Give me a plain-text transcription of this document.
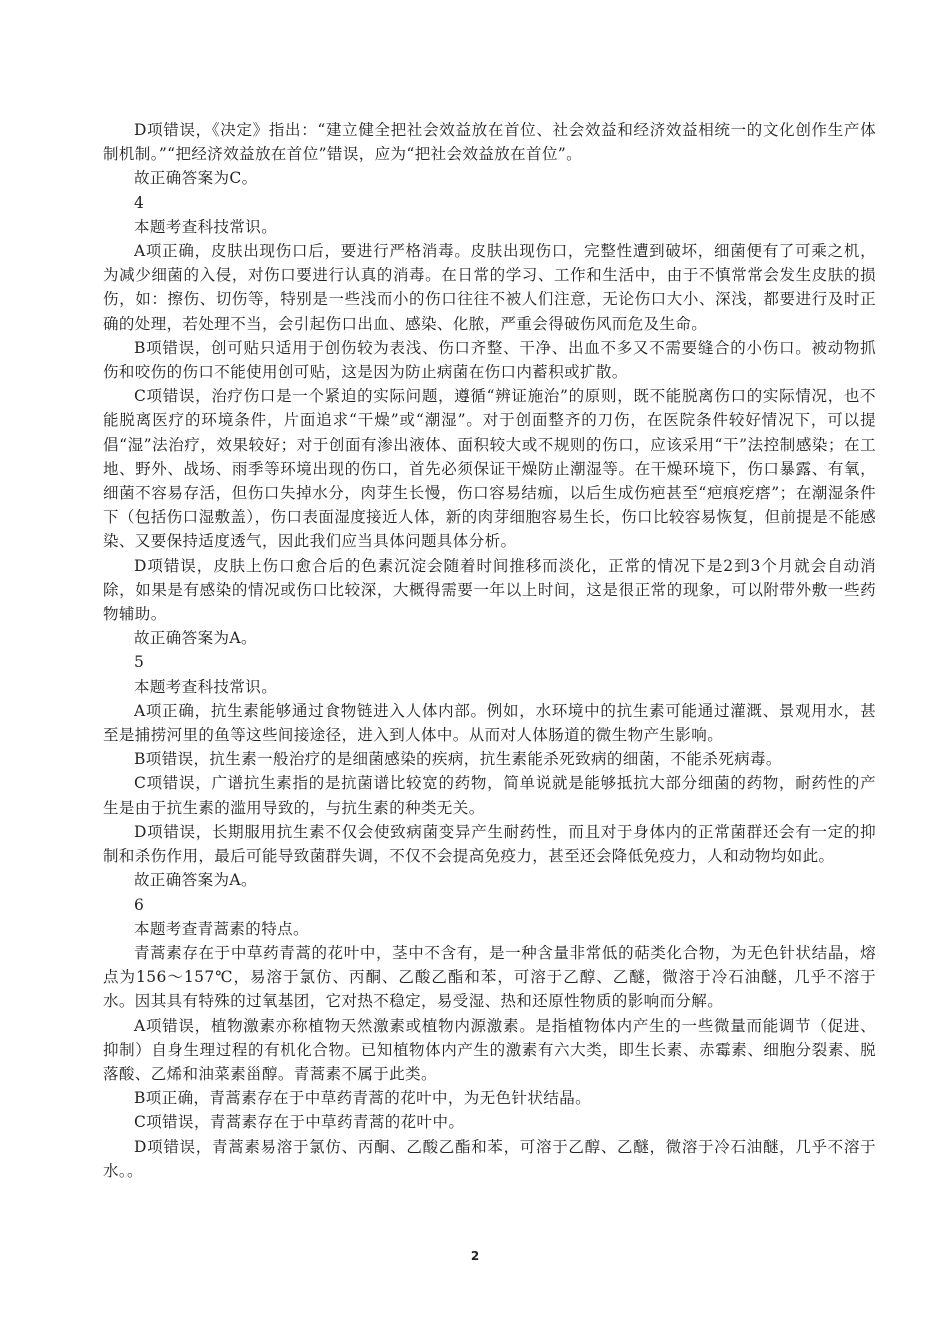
D项错误，《决定》指出：“建立健全把社会效益放在首位、社会效益和经济效益相统一的文化创作生产体制机制。”“把经济效益放在首位”错误，应为“把社会效益放在首位”。

故正确答案为C。

4

本题考查科技常识。

A项正确，皮肤出现伤口后，要进行严格消毒。皮肤出现伤口，完整性遭到破坏，细菌便有了可乘之机，为减少细菌的入侵，对伤口要进行认真的消毒。在日常的学习、工作和生活中，由于不慎常常会发生皮肤的损伤，如：擦伤、切伤等，特别是一些浅而小的伤口往往不被人们注意，无论伤口大小、深浅，都要进行及时正确的处理，若处理不当，会引起伤口出血、感染、化脓，严重会得破伤风而危及生命。

B项错误，创可贴只适用于创伤较为表浅、伤口齐整、干净、出血不多又不需要缝合的小伤口。被动物抓伤和咬伤的伤口不能使用创可贴，这是因为防止病菌在伤口内蓄积或扩散。

C项错误，治疗伤口是一个紧迫的实际问题，遵循“辨证施治”的原则，既不能脱离伤口的实际情况，也不能脱离医疗的环境条件，片面追求“干燥”或“潮湿”。对于创面整齐的刀伤，在医院条件较好情况下，可以提倡“湿”法治疗，效果较好；对于创面有渗出液体、面积较大或不规则的伤口，应该采用“干”法控制感染；在工地、野外、战场、雨季等环境出现的伤口，首先必须保证干燥防止潮湿等。在干燥环境下，伤口暴露、有氧，细菌不容易存活，但伤口失掉水分，肉芽生长慢，伤口容易结痂，以后生成伤疤甚至“疤痕疙瘩”；在潮湿条件下（包括伤口湿敷盖），伤口表面湿度接近人体，新的肉芽细胞容易生长，伤口比较容易恢复，但前提是不能感染、又要保持适度透气，因此我们应当具体问题具体分析。

D项错误，皮肤上伤口愈合后的色素沉淀会随着时间推移而淡化，正常的情况下是2到3个月就会自动消除，如果是有感染的情况或伤口比较深，大概得需要一年以上时间，这是很正常的现象，可以附带外敷一些药物辅助。

故正确答案为A。

5

本题考查科技常识。

A项正确，抗生素能够通过食物链进入人体内部。例如，水环境中的抗生素可能通过灌溉、景观用水，甚至是捕捞河里的鱼等这些间接途径，进入到人体中。从而对人体肠道的微生物产生影响。

B项错误，抗生素一般治疗的是细菌感染的疾病，抗生素能杀死致病的细菌，不能杀死病毒。

C项错误，广谱抗生素指的是抗菌谱比较宽的药物，简单说就是能够抵抗大部分细菌的药物，耐药性的产生是由于抗生素的滥用导致的，与抗生素的种类无关。

D项错误，长期服用抗生素不仅会使致病菌变异产生耐药性，而且对于身体内的正常菌群还会有一定的抑制和杀伤作用，最后可能导致菌群失调，不仅不会提高免疫力，甚至还会降低免疫力，人和动物均如此。

故正确答案为A。

6

本题考查青蒿素的特点。

青蒿素存在于中草药青蒿的花叶中，茎中不含有，是一种含量非常低的萜类化合物，为无色针状结晶，熔点为156～157℃，易溶于氯仿、丙酮、乙酸乙酯和苯，可溶于乙醇、乙醚，微溶于冷石油醚，几乎不溶于水。因其具有特殊的过氧基团，它对热不稳定，易受湿、热和还原性物质的影响而分解。

A项错误，植物激素亦称植物天然激素或植物内源激素。是指植物体内产生的一些微量而能调节（促进、抑制）自身生理过程的有机化合物。已知植物体内产生的激素有六大类，即生长素、赤霉素、细胞分裂素、脱落酸、乙烯和油菜素甾醇。青蒿素不属于此类。

B项正确，青蒿素存在于中草药青蒿的花叶中，为无色针状结晶。

C项错误，青蒿素存在于中草药青蒿的花叶中。

D项错误，青蒿素易溶于氯仿、丙酮、乙酸乙酯和苯，可溶于乙醇、乙醚，微溶于冷石油醚，几乎不溶于水。。

2
